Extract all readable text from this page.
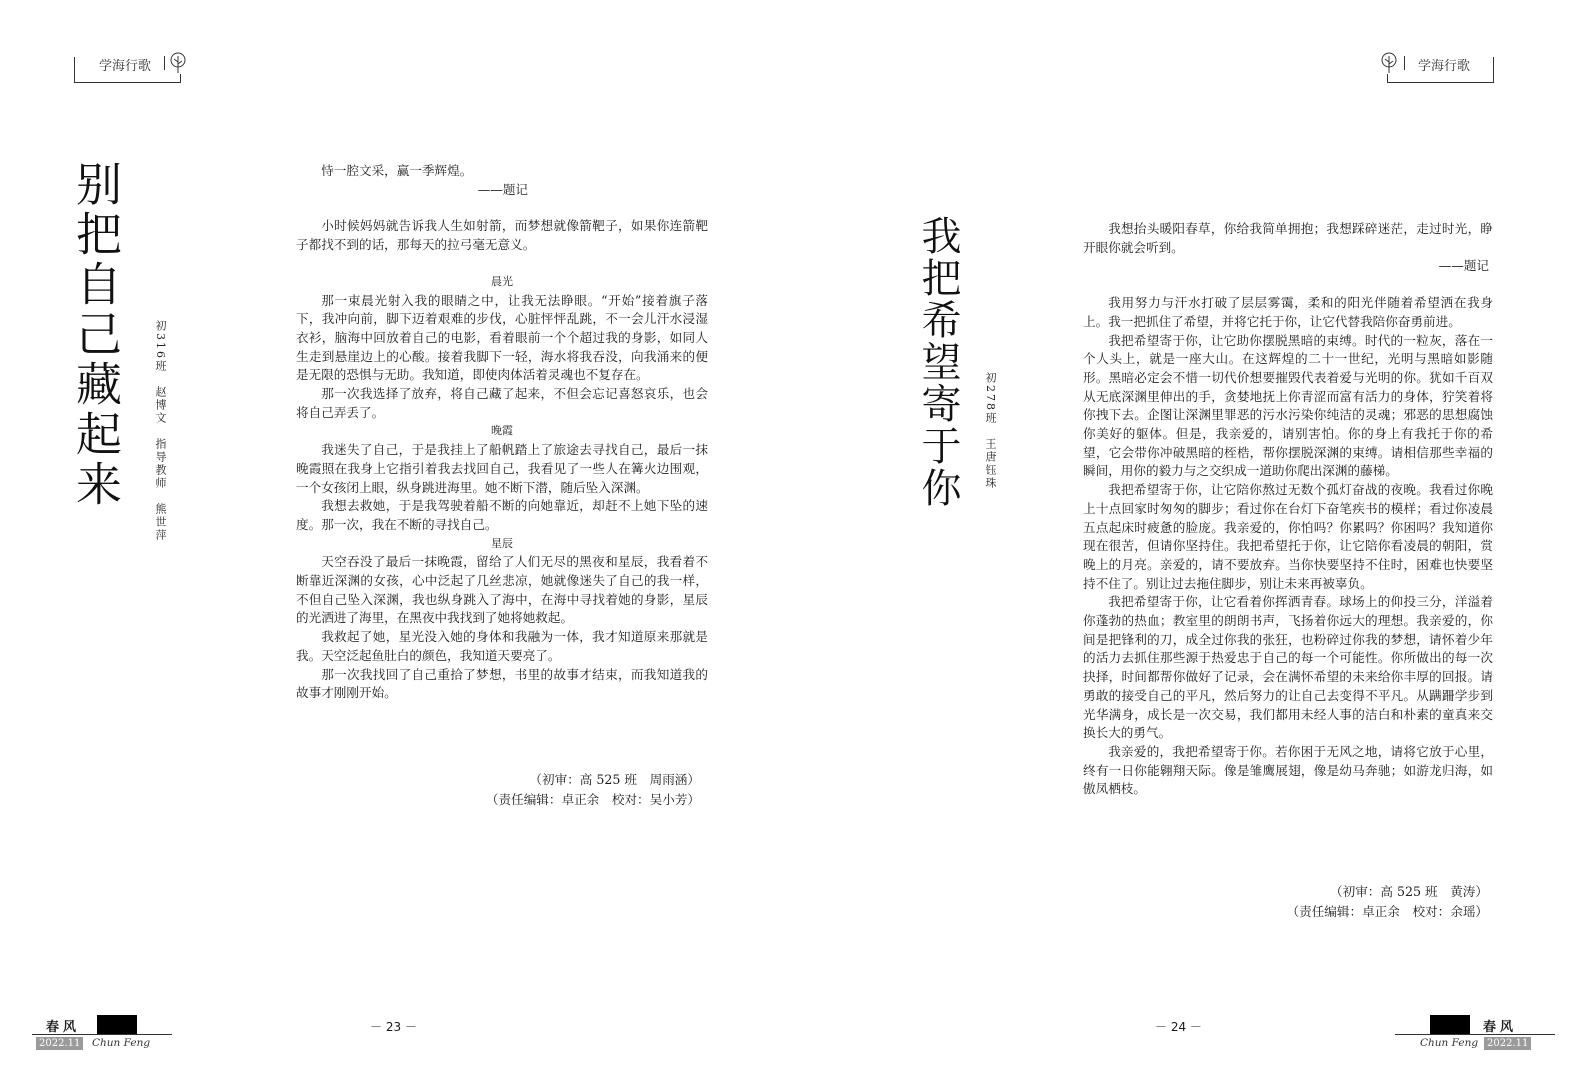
学海行歌	学海行歌
别把自己藏起来	初316班　赵博文　指导教师　熊世萍

恃一腔文采，赢一季辉煌。

——题记

小时候妈妈就告诉我人生如射箭，而梦想就像箭靶子，如果你连箭靶子都找不到的话，那每天的拉弓毫无意义。

晨光

那一束晨光射入我的眼睛之中，让我无法睁眼。“开始”接着旗子落下，我冲向前，脚下迈着艰难的步伐，心脏怦怦乱跳，不一会儿汗水浸湿衣衫，脑海中回放着自己的电影，看着眼前一个个超过我的身影，如同人生走到悬崖边上的心酸。接着我脚下一轻，海水将我吞没，向我涌来的便是无限的恐惧与无助。我知道，即使肉体活着灵魂也不复存在。

那一次我选择了放弃，将自己藏了起来，不但会忘记喜怒哀乐，也会将自己弄丢了。

晚霞

我迷失了自己，于是我挂上了船帆踏上了旅途去寻找自己，最后一抹晚霞照在我身上它指引着我去找回自己，我看见了一些人在篝火边围观，一个女孩闭上眼，纵身跳进海里。她不断下潜，随后坠入深渊。

我想去救她，于是我驾驶着船不断的向她靠近，却赶不上她下坠的速度。那一次，我在不断的寻找自己。

星辰

天空吞没了最后一抹晚霞，留给了人们无尽的黑夜和星辰，我看着不断靠近深渊的女孩，心中泛起了几丝悲凉，她就像迷失了自己的我一样，不但自己坠入深渊，我也纵身跳入了海中，在海中寻找着她的身影，星辰的光洒进了海里，在黑夜中我找到了她将她救起。

我救起了她，星光没入她的身体和我融为一体，我才知道原来那就是我。天空泛起鱼肚白的颜色，我知道天要亮了。

那一次我找回了自己重拾了梦想，书里的故事才结束，而我知道我的故事才刚刚开始。

（初审：高 525 班　周雨涵）
（责任编辑：卓正余　校对：吴小芳）
我把希望寄于你 初278班　王唐钰珠

我想抬头暖阳春草，你给我简单拥抱；我想踩碎迷茫，走过时光，睁开眼你就会听到。

——题记

我用努力与汗水打破了层层雾霭，柔和的阳光伴随着希望洒在我身上。我一把抓住了希望，并将它托于你，让它代替我陪你奋勇前进。

我把希望寄于你，让它助你摆脱黑暗的束缚。时代的一粒灰，落在一个人头上，就是一座大山。在这辉煌的二十一世纪，光明与黑暗如影随形。黑暗必定会不惜一切代价想要摧毁代表着爱与光明的你。犹如千百双从无底深渊里伸出的手，贪婪地抚上你青涩而富有活力的身体，狞笑着将你拽下去。企图让深渊里罪恶的污水污染你纯洁的灵魂；邪恶的思想腐蚀你美好的躯体。但是，我亲爱的，请别害怕。你的身上有我托于你的希望，它会带你冲破黑暗的桎梏，帮你摆脱深渊的束缚。请相信那些幸福的瞬间，用你的毅力与之交织成一道助你爬出深渊的藤梯。

我把希望寄于你，让它陪你熬过无数个孤灯奋战的夜晚。我看过你晚上十点回家时匆匆的脚步；看过你在台灯下奋笔疾书的模样；看过你凌晨五点起床时疲惫的脸庞。我亲爱的，你怕吗？你累吗？你困吗？我知道你现在很苦，但请你坚持住。我把希望托于你，让它陪你看凌晨的朝阳，赏晚上的月亮。亲爱的，请不要放弃。当你快要坚持不住时，困难也快要坚持不住了。别让过去拖住脚步，别让未来再被辜负。

我把希望寄于你，让它看着你挥洒青春。球场上的仰投三分，洋溢着你蓬勃的热血；教室里的朗朗书声，飞扬着你远大的理想。我亲爱的，你间是把锋利的刀，成全过你我的张狂，也粉碎过你我的梦想，请怀着少年的活力去抓住那些源于热爱忠于自己的每一个可能性。你所做出的每一次抉择，时间都帮你做好了记录，会在满怀希望的未来给你丰厚的回报。请勇敢的接受自己的平凡，然后努力的让自己去变得不平凡。从蹒跚学步到光华满身，成长是一次交易，我们都用未经人事的洁白和朴素的童真来交换长大的勇气。

我亲爱的，我把希望寄于你。若你困于无风之地，请将它放于心里，终有一日你能翱翔天际。像是雏鹰展翅，像是幼马奔驰；如游龙归海，如傲凤栖枝。

（初审：高 525 班　黄涛）
（责任编辑：卓正余　校对：余瑶）
春风
2022.11 Chun Feng
－ 23 －	－ 24 －	春风
Chun Feng 2022.11
